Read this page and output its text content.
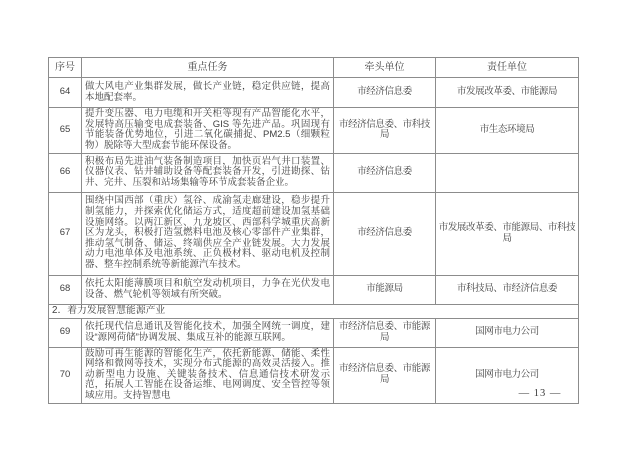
序号	重点任务	牵头单位	责任单位
64	做大风电产业集群发展，做长产业链，稳定供应链，提高本地配套率。	市经济信息委	市发展改革委、市能源局
65	提升变压器、电力电缆和开关柜等现有产品智能化水平，发展特高压输变电成套装备、GIS 等先进产品。巩固现有节能装备优势地位，引进二氧化碳捕捉、PM2.5（细颗粒物）脱除等大型成套节能环保设备。	市经济信息委、市科技局	市生态环境局
66	积极布局先进油气装备制造项目，加快页岩气井口装置、仪器仪表、钻井辅助设备等配套装备开发，引进勘探、钻井、完井、压裂和站场集输等环节成套装备企业。	市经济信息委	
67	围绕中国西部（重庆）氢谷、成渝氢走廊建设，稳步提升制氢能力，并探索优化储运方式，适度超前建设加氢基础设施网络。以两江新区、九龙坡区、西部科学城重庆高新区为龙头，积极打造氢燃料电池及核心零部件产业集群，推动氢气制备、储运、终端供应全产业链发展。大力发展动力电池单体及电池系统、正负极材料、驱动电机及控制器、整车控制系统等新能源汽车技术。	市经济信息委	市发展改革委、市能源局、市科技局
68	依托太阳能薄膜项目和航空发动机项目，力争在光伏发电设备、燃气轮机等领域有所突破。	市能源局	市科技局、市经济信息委
2．着力发展智慧能源产业			
69	依托现代信息通讯及智能化技术，加强全网统一调度，建设“源网荷储”协调发展、集成互补的能源互联网。	市经济信息委、市能源局	国网市电力公司
70	鼓励可再生能源的智能化生产，依托新能源、储能、柔性网络和微网等技术，实现分布式能源的高效灵活接入。推动新型电力设施、关键装备技术、信息通信技术研发示范，拓展人工智能在设备运维、电网调度、安全管控等领域应用。支持智慧电	市经济信息委、市能源局	国网市电力公司
— 13 —
